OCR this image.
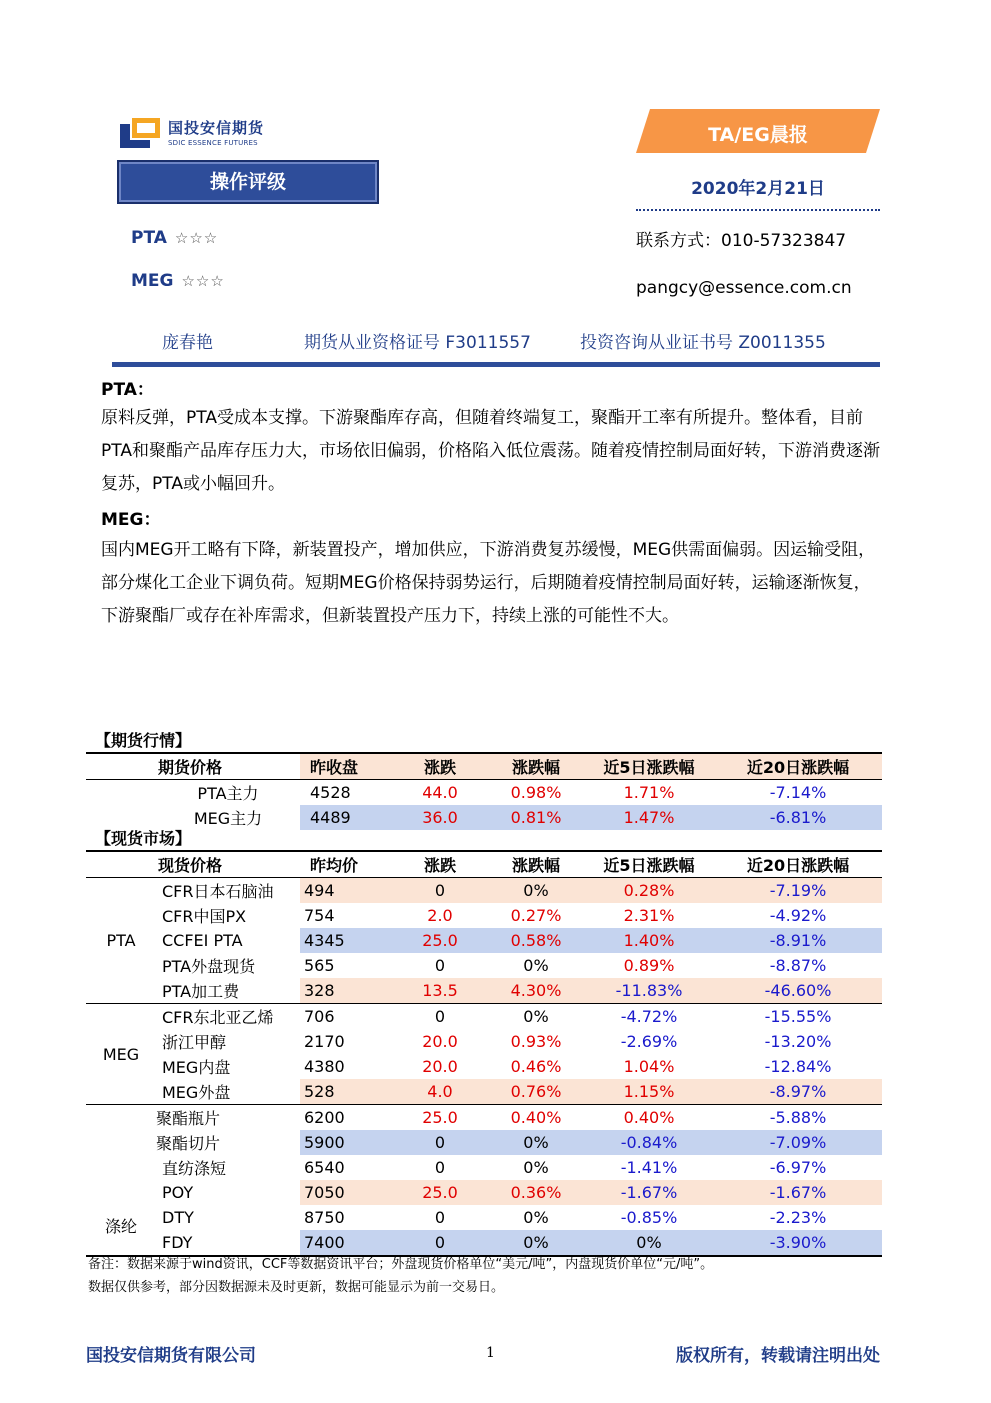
国投安信期货
SDIC ESSENCE FUTURES
操作评级
TA/EG晨报
2020年2月21日
联系方式：010-57323847
pangcy@essence.com.cn
PTA ☆☆☆
MEG ☆☆☆
庞春艳	期货从业资格证号 F3011557	投资咨询从业证书号 Z0011355
PTA：
原料反弹，PTA受成本支撑。下游聚酯库存高，但随着终端复工，聚酯开工率有所提升。整体看，目前PTA和聚酯产品库存压力大，市场依旧偏弱，价格陷入低位震荡。随着疫情控制局面好转，下游消费逐渐复苏，PTA或小幅回升。
MEG：
国内MEG开工略有下降，新装置投产，增加供应，下游消费复苏缓慢，MEG供需面偏弱。因运输受阻，部分煤化工企业下调负荷。短期MEG价格保持弱势运行，后期随着疫情控制局面好转，运输逐渐恢复，下游聚酯厂或存在补库需求，但新装置投产压力下，持续上涨的可能性不大。
【期货行情】						
	期货价格	昨收盘	涨跌	涨跌幅	近5日涨跌幅	近20日涨跌幅
	PTA主力	4528	44.0	0.98%	1.71%	-7.14%
	MEG主力	4489	36.0	0.81%	1.47%	-6.81%
【现货市场】						
	现货价格	昨均价	涨跌	涨跌幅	近5日涨跌幅	近20日涨跌幅
PTA	CFR日本石脑油	494	0	0%	0.28%	-7.19%
	CFR中国PX	754	2.0	0.27%	2.31%	-4.92%
	CCFEI PTA	4345	25.0	0.58%	1.40%	-8.91%
	PTA外盘现货	565	0	0%	0.89%	-8.87%
	PTA加工费	328	13.5	4.30%	-11.83%	-46.60%
MEG	CFR东北亚乙烯	706	0	0%	-4.72%	-15.55%
	浙江甲醇	2170	20.0	0.93%	-2.69%	-13.20%
	MEG内盘	4380	20.0	0.46%	1.04%	-12.84%
	MEG外盘	528	4.0	0.76%	1.15%	-8.97%
涤纶	聚酯瓶片	6200	25.0	0.40%	0.40%	-5.88%
	聚酯切片	5900	0	0%	-0.84%	-7.09%
	直纺涤短	6540	0	0%	-1.41%	-6.97%
	POY	7050	25.0	0.36%	-1.67%	-1.67%
	DTY	8750	0	0%	-0.85%	-2.23%
	FDY	7400	0	0%	0%	-3.90%

备注：数据来源于wind资讯，CCF等数据资讯平台；外盘现货价格单位“美元/吨”，内盘现货价单位“元/吨”。
数据仅供参考，部分因数据源未及时更新，数据可能显示为前一交易日。
国投安信期货有限公司	1	版权所有，转载请注明出处
